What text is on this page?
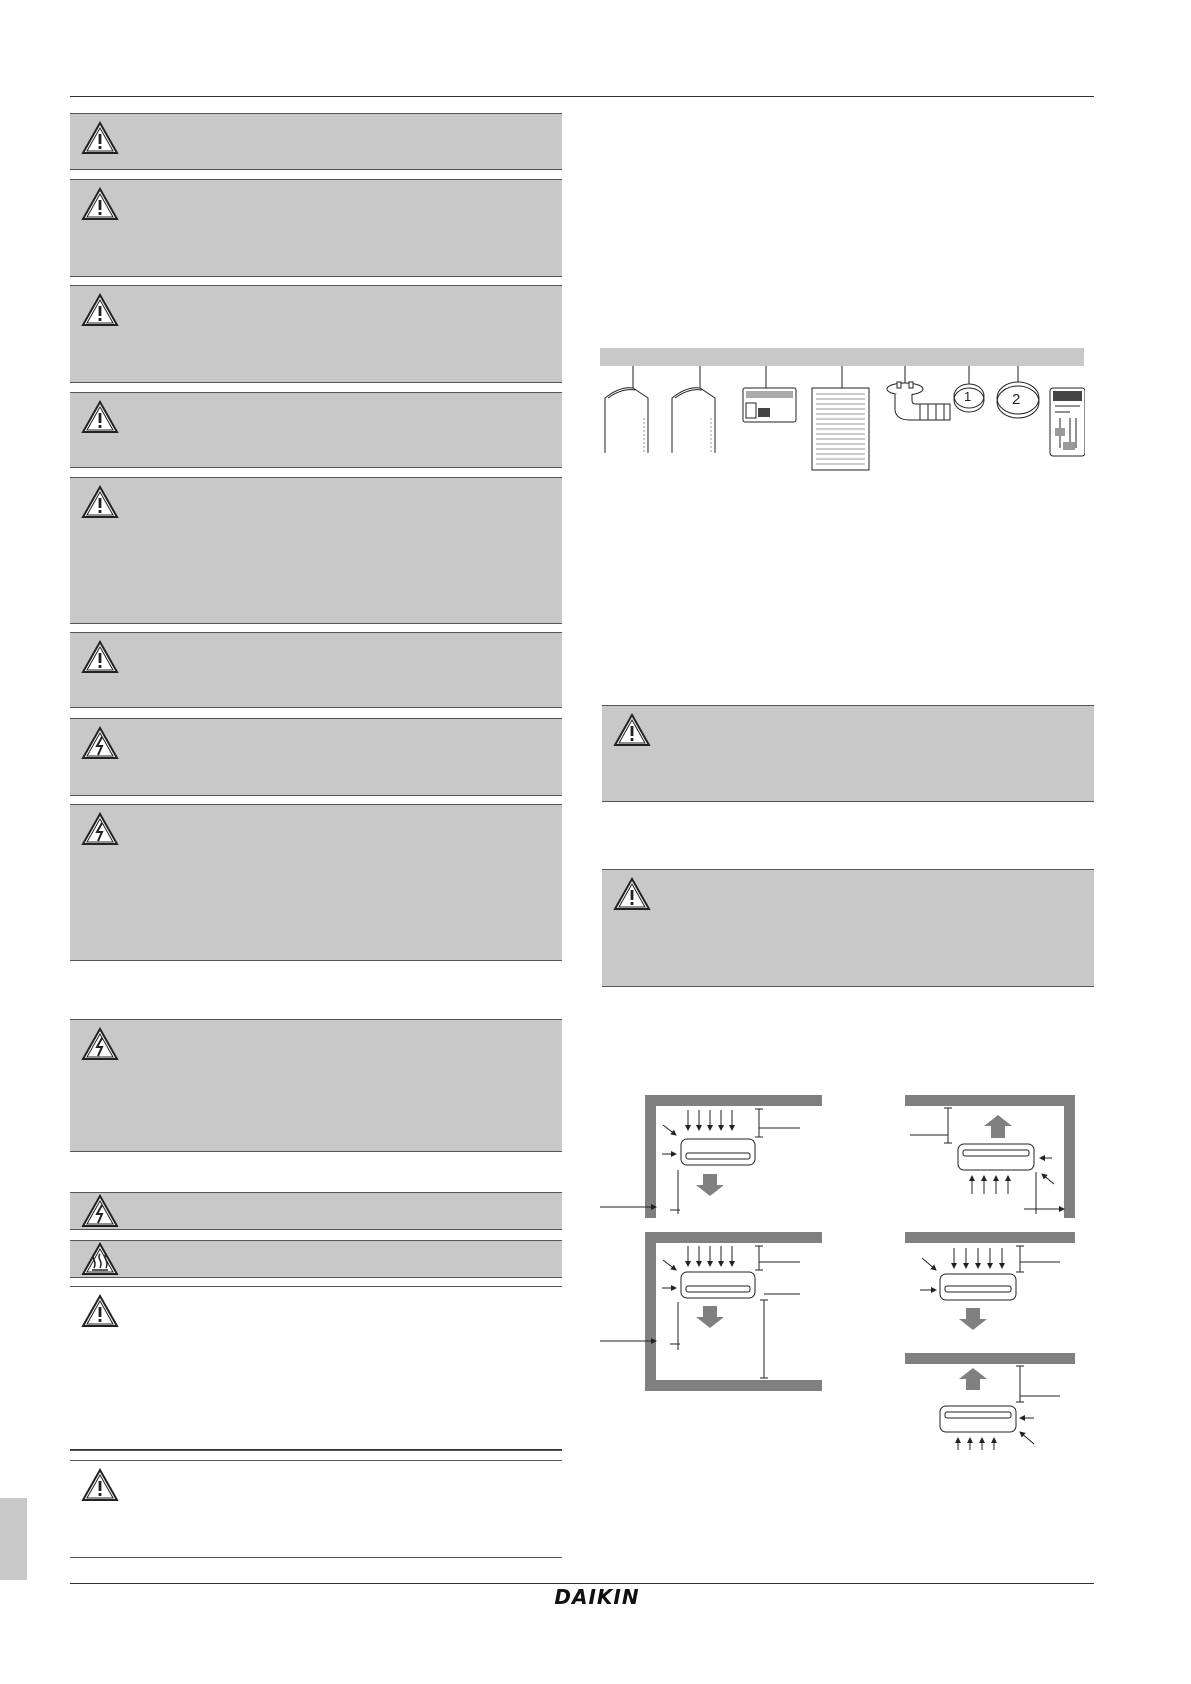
1	2
DAIKIN
